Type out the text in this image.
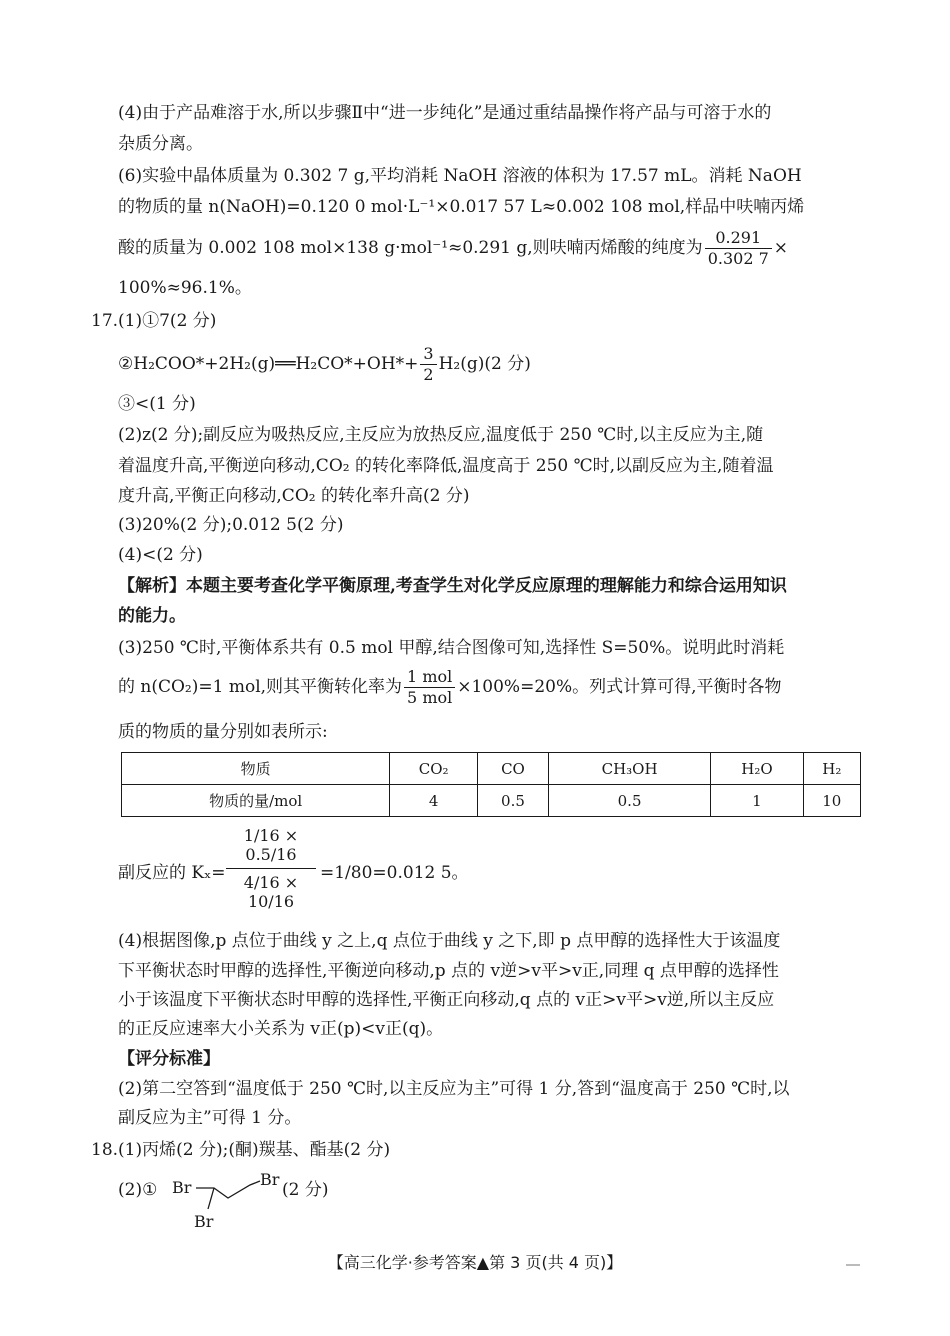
(4)由于产品难溶于水,所以步骤Ⅱ中“进一步纯化”是通过重结晶操作将产品与可溶于水的
杂质分离。
(6)实验中晶体质量为 0.302 7 g,平均消耗 NaOH 溶液的体积为 17.57 mL。消耗 NaOH
的物质的量 n(NaOH)=0.120 0 mol·L⁻¹×0.017 57 L≈0.002 108 mol,样品中呋喃丙烯
酸的质量为 0.002 108 mol×138 g·mol⁻¹≈0.291 g,则呋喃丙烯酸的纯度为 $\frac{0.291}{0.302 7}$ ×
100%≈96.1%。
17.(1)①7(2 分)
②H₂COO*+2H₂(g)══H₂CO*+OH*+ $\frac{3}{2} H_2(g)(2$ 分)
③<(1 分)
(2)z(2 分);副反应为吸热反应,主反应为放热反应,温度低于 250 ℃时,以主反应为主,随
着温度升高,平衡逆向移动,CO₂ 的转化率降低,温度高于 250 ℃时,以副反应为主,随着温
度升高,平衡正向移动,CO₂ 的转化率升高(2 分)
(3)20%(2 分);0.012 5(2 分)
(4)<(2 分)
【解析】本题主要考查化学平衡原理,考查学生对化学反应原理的理解能力和综合运用知识
的能力。
(3)250 ℃时,平衡体系共有 0.5 mol 甲醇,结合图像可知,选择性 S=50%。说明此时消耗
的 n(CO₂)=1 mol,则其平衡转化率为 $\frac{\text{1 mol}}{\text{5 mol}} \times 100\%=20\%$。列式计算可得,平衡时各物
质的物质的量分别如表所示:
物质	CO₂	CO	CH₃OH	H₂O	H₂
物质的量/mol	4	0.5	0.5	1	10
副反应的 $K_x= \frac{1/16 \times 0.5/16}{4/16 \times 10/16} =1/80=0.012$ 5。
(4)根据图像,p 点位于曲线 y 之上,q 点位于曲线 y 之下,即 p 点甲醇的选择性大于该温度
下平衡状态时甲醇的选择性,平衡逆向移动,p 点的 v逆>v平>v正,同理 q 点甲醇的选择性
小于该温度下平衡状态时甲醇的选择性,平衡正向移动,q 点的 v正>v平>v逆,所以主反应
的正反应速率大小关系为 v正(p)<v正(q)。
【评分标准】
(2)第二空答到“温度低于 250 ℃时,以主反应为主”可得 1 分,答到“温度高于 250 ℃时,以
副反应为主”可得 1 分。
18.(1)丙烯(2 分);(酮)羰基、酯基(2 分)
(2)① Br	Br
Br
(2 分)
【高三化学·参考答案▲第 3 页(共 4 页)】
